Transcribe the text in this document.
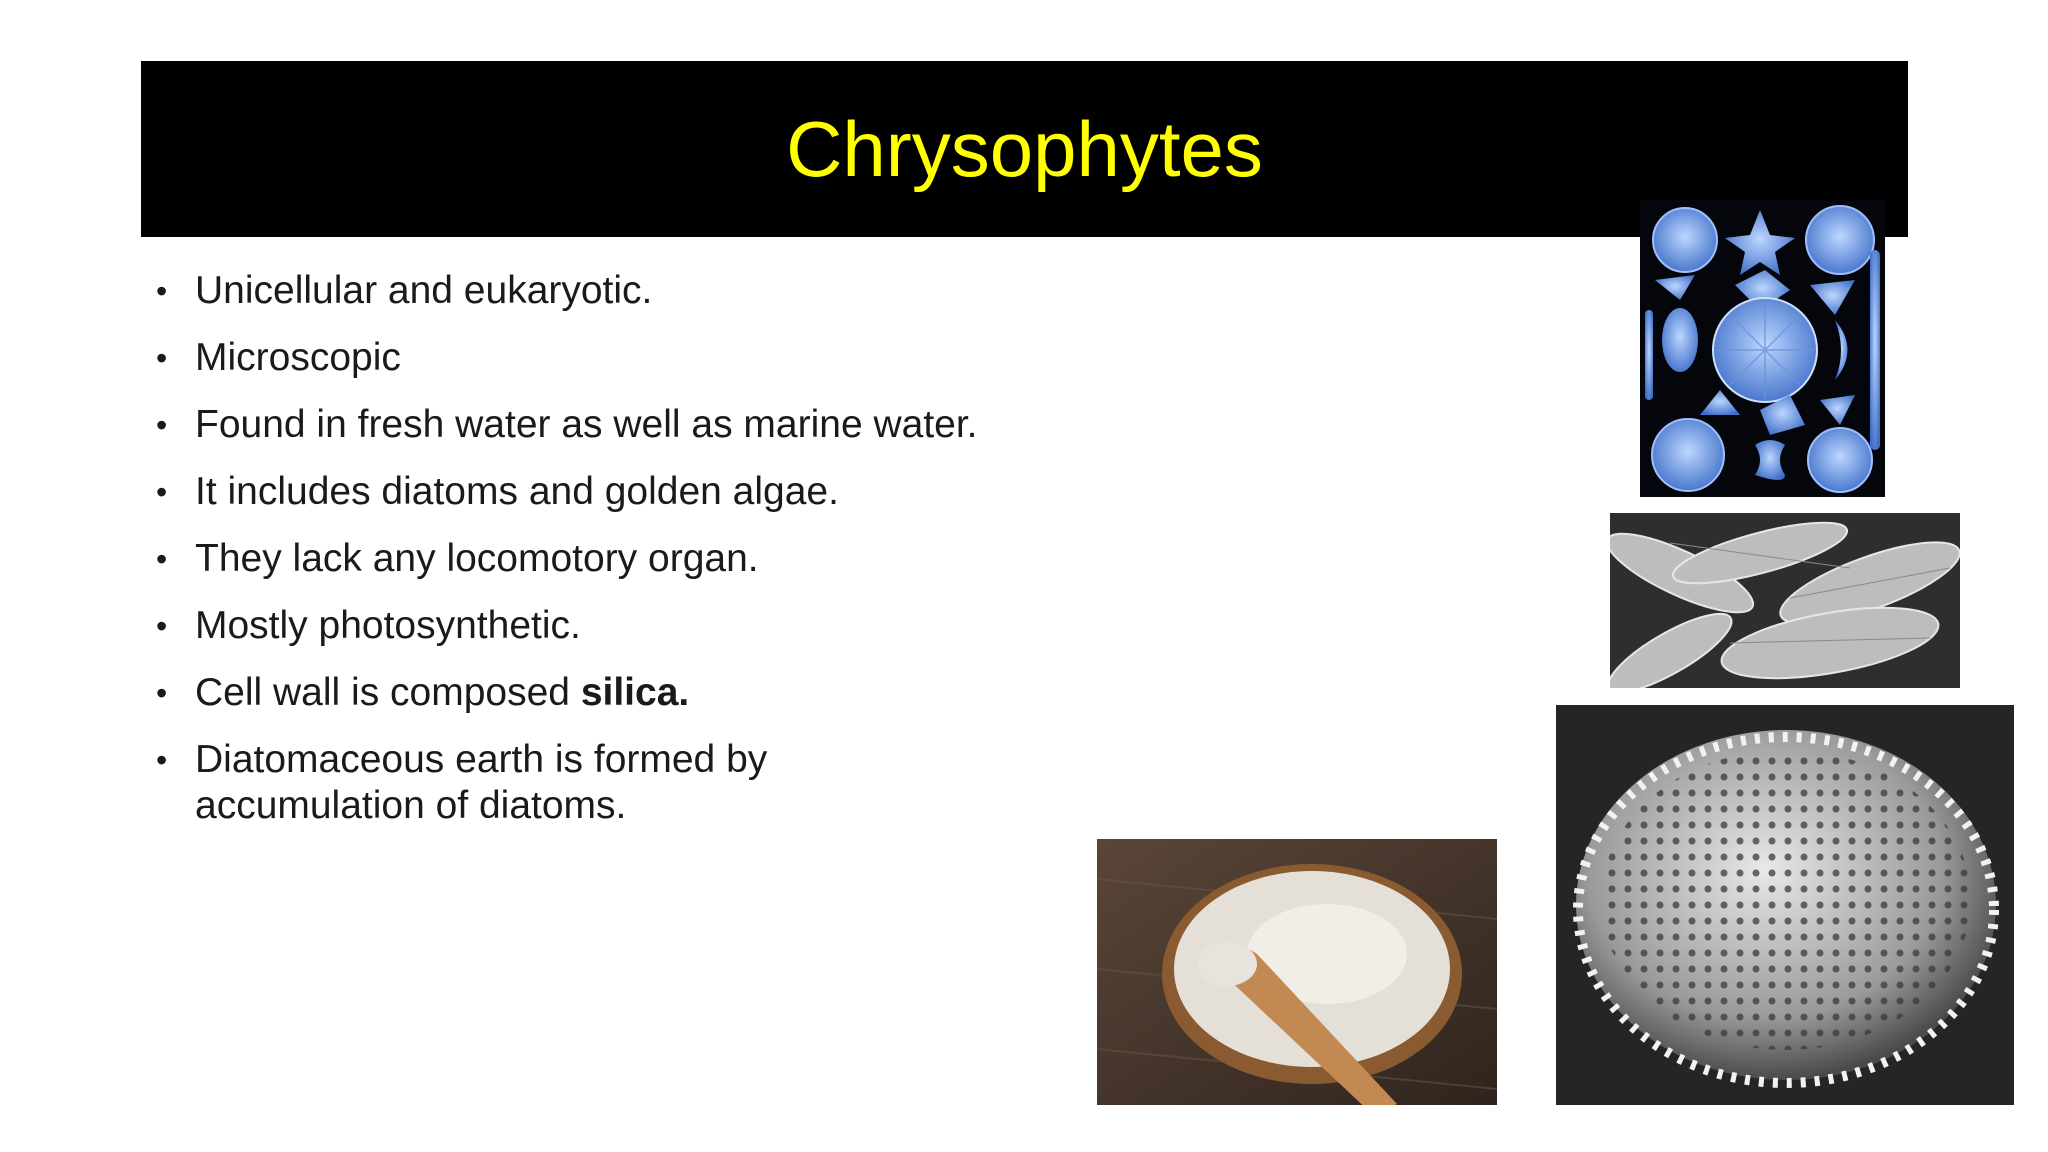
Chrysophytes
• Unicellular and eukaryotic.
• Microscopic
• Found in fresh water as well as marine water.
• It includes diatoms and golden algae.
• They lack any locomotory organ.
• Mostly photosynthetic.
• Cell wall is composed silica.
• Diatomaceous earth is formed by accumulation of diatoms.
